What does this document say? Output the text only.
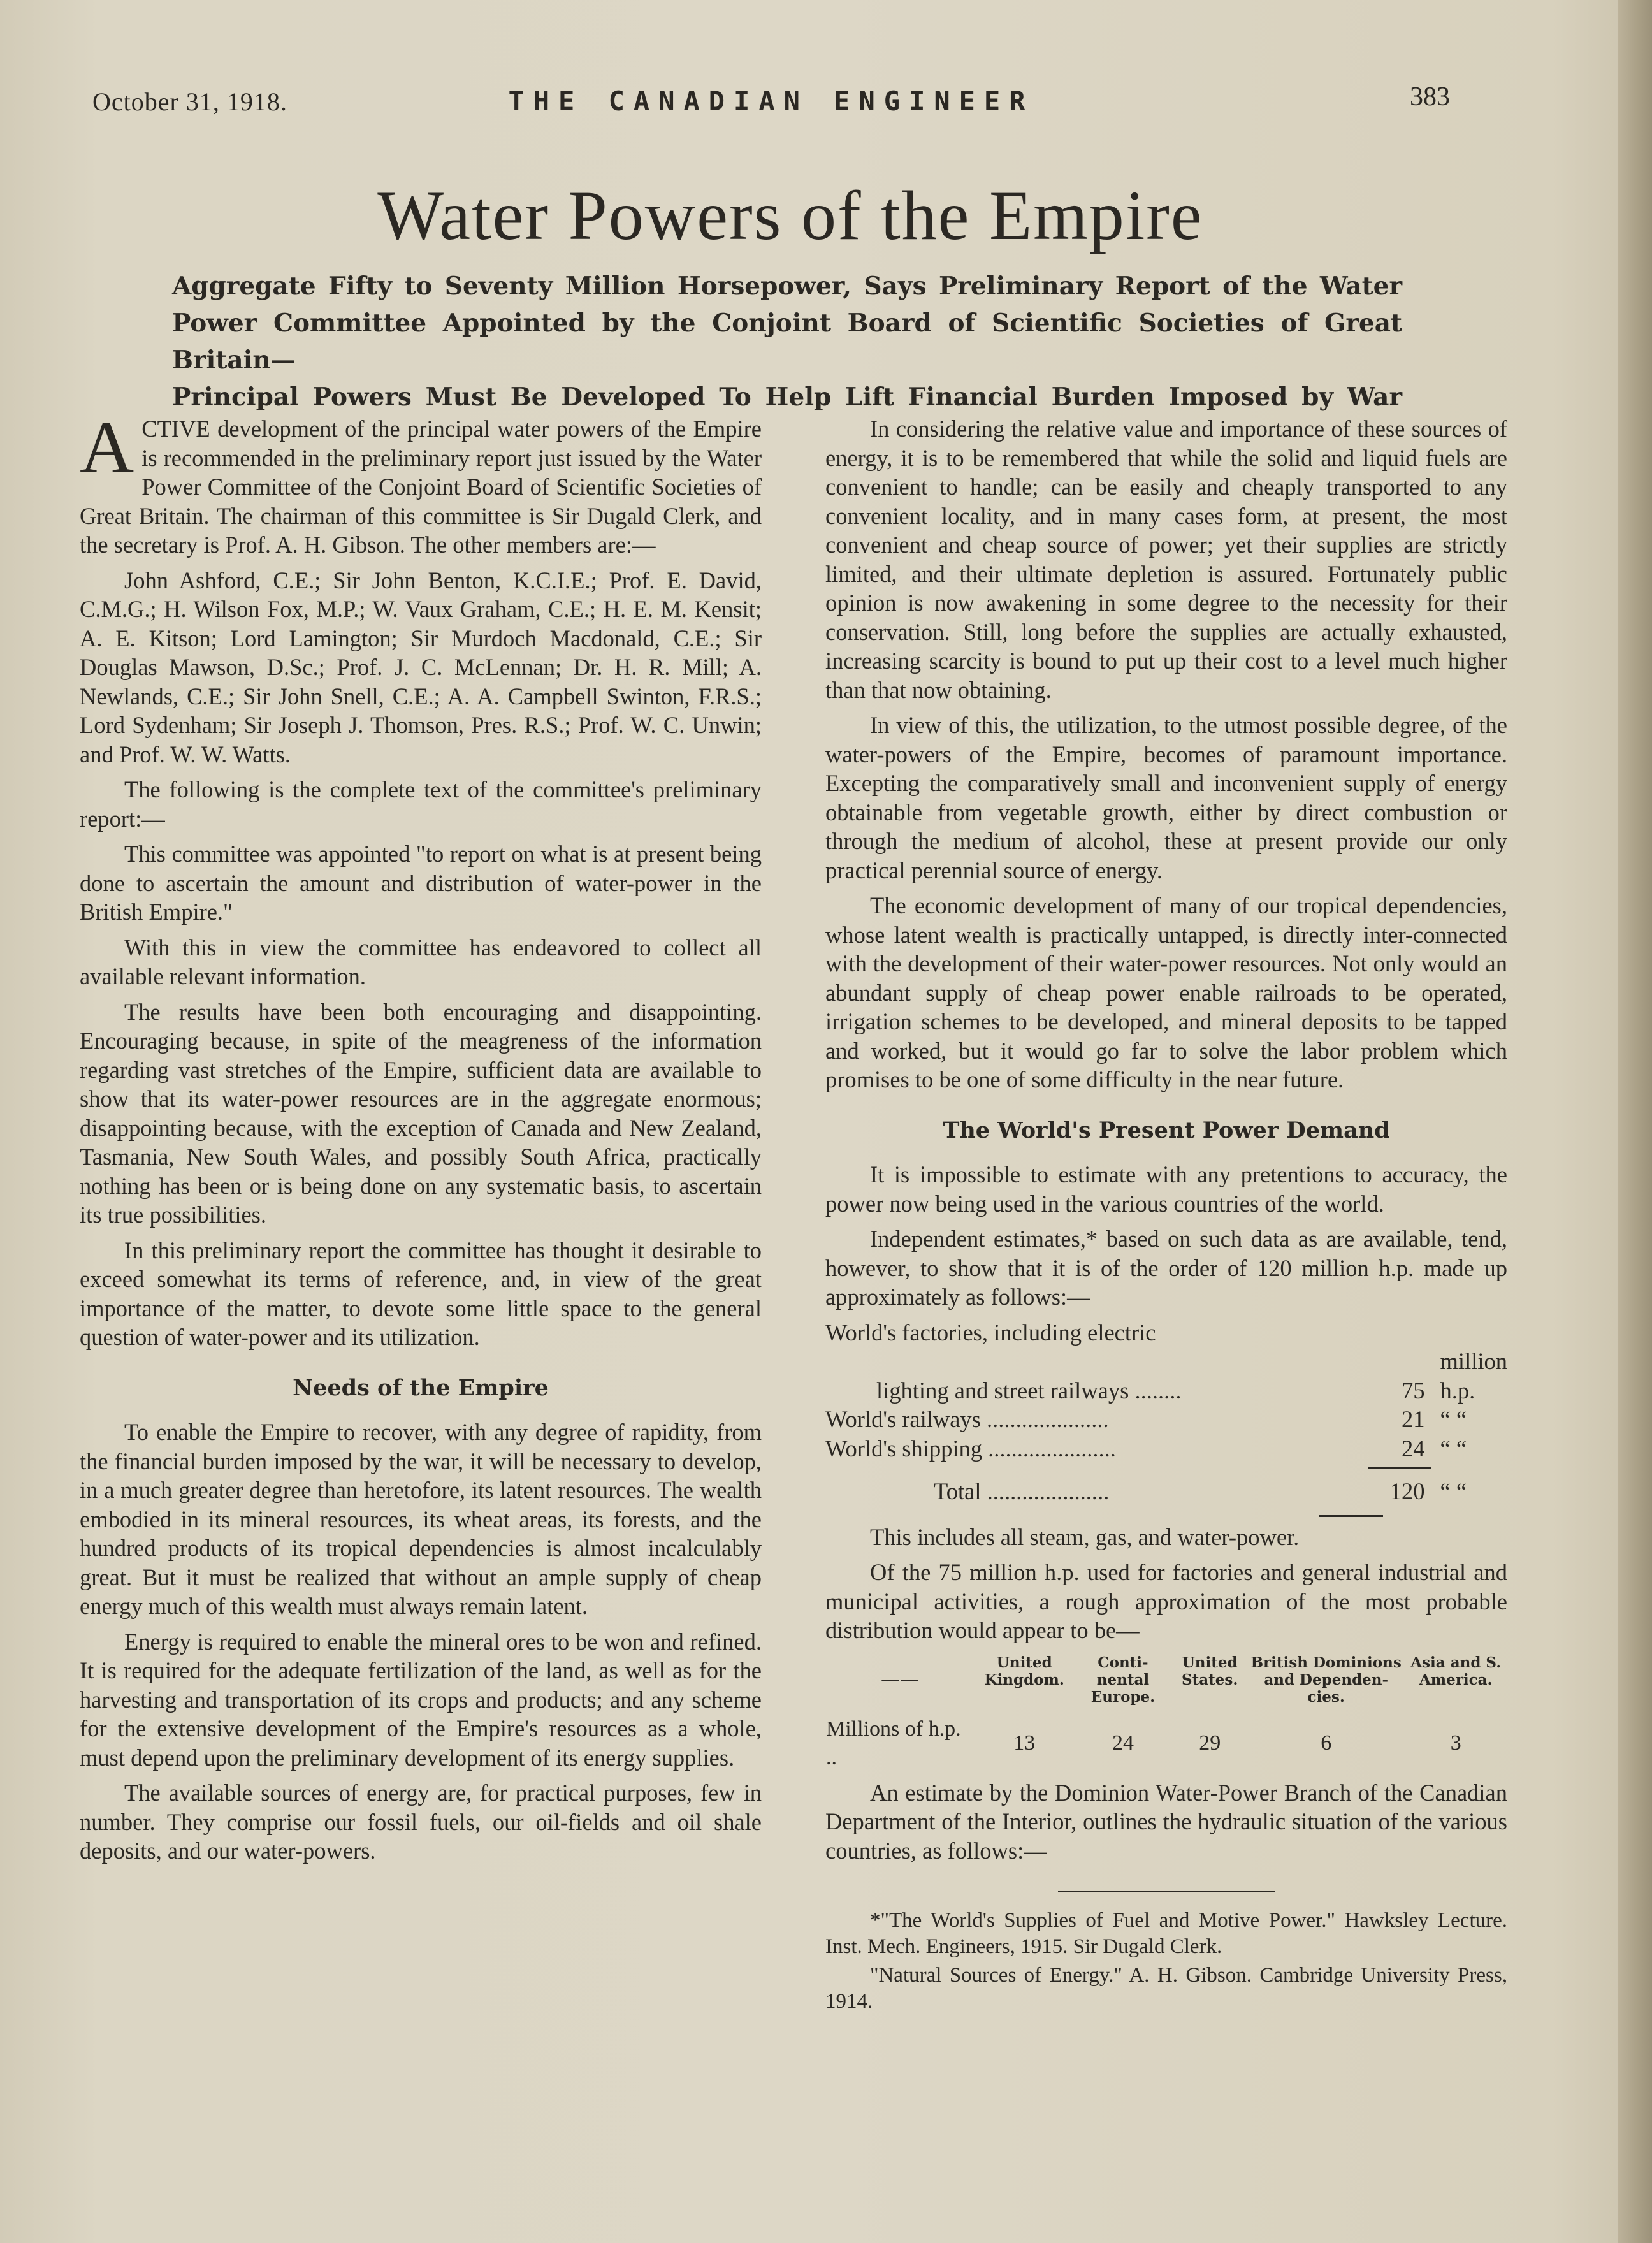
October 31, 1918.	THE CANADIAN ENGINEER	383
Water Powers of the Empire
Aggregate Fifty to Seventy Million Horsepower, Says Preliminary Report of the Water
Power Committee Appointed by the Conjoint Board of Scientific Societies of Great Britain—
Principal Powers Must Be Developed To Help Lift Financial Burden Imposed by War

ACTIVE development of the principal water powers of the Empire is recommended in the preliminary report just issued by the Water Power Committee of the Conjoint Board of Scientific Societies of Great Britain. The chairman of this committee is Sir Dugald Clerk, and the secretary is Prof. A. H. Gibson. The other members are:—

John Ashford, C.E.; Sir John Benton, K.C.I.E.; Prof. E. David, C.M.G.; H. Wilson Fox, M.P.; W. Vaux Graham, C.E.; H. E. M. Kensit; A. E. Kitson; Lord Lamington; Sir Murdoch Macdonald, C.E.; Sir Douglas Mawson, D.Sc.; Prof. J. C. McLennan; Dr. H. R. Mill; A. Newlands, C.E.; Sir John Snell, C.E.; A. A. Campbell Swinton, F.R.S.; Lord Sydenham; Sir Joseph J. Thomson, Pres. R.S.; Prof. W. C. Unwin; and Prof. W. W. Watts.

The following is the complete text of the committee's preliminary report:—

This committee was appointed "to report on what is at present being done to ascertain the amount and distribution of water-power in the British Empire."

With this in view the committee has endeavored to collect all available relevant information.

The results have been both encouraging and disappointing. Encouraging because, in spite of the meagreness of the information regarding vast stretches of the Empire, sufficient data are available to show that its water-power resources are in the aggregate enormous; disappointing because, with the exception of Canada and New Zealand, Tasmania, New South Wales, and possibly South Africa, practically nothing has been or is being done on any systematic basis, to ascertain its true possibilities.

In this preliminary report the committee has thought it desirable to exceed somewhat its terms of reference, and, in view of the great importance of the matter, to devote some little space to the general question of water-power and its utilization.

Needs of the Empire

To enable the Empire to recover, with any degree of rapidity, from the financial burden imposed by the war, it will be necessary to develop, in a much greater degree than heretofore, its latent resources. The wealth embodied in its mineral resources, its wheat areas, its forests, and the hundred products of its tropical dependencies is almost incalculably great. But it must be realized that without an ample supply of cheap energy much of this wealth must always remain latent.

Energy is required to enable the mineral ores to be won and refined. It is required for the adequate fertilization of the land, as well as for the harvesting and transportation of its crops and products; and any scheme for the extensive development of the Empire's resources as a whole, must depend upon the preliminary development of its energy supplies.

The available sources of energy are, for practical purposes, few in number. They comprise our fossil fuels, our oil-fields and oil shale deposits, and our water-powers.

In considering the relative value and importance of these sources of energy, it is to be remembered that while the solid and liquid fuels are convenient to handle; can be easily and cheaply transported to any convenient locality, and in many cases form, at present, the most convenient and cheap source of power; yet their supplies are strictly limited, and their ultimate depletion is assured. Fortunately public opinion is now awakening in some degree to the necessity for their conservation. Still, long before the supplies are actually exhausted, increasing scarcity is bound to put up their cost to a level much higher than that now obtaining.

In view of this, the utilization, to the utmost possible degree, of the water-powers of the Empire, becomes of paramount importance. Excepting the comparatively small and inconvenient supply of energy obtainable from vegetable growth, either by direct combustion or through the medium of alcohol, these at present provide our only practical perennial source of energy.

The economic development of many of our tropical dependencies, whose latent wealth is practically untapped, is directly inter-connected with the development of their water-power resources. Not only would an abundant supply of cheap power enable railroads to be operated, irrigation schemes to be developed, and mineral deposits to be tapped and worked, but it would go far to solve the labor problem which promises to be one of some difficulty in the near future.

The World's Present Power Demand

It is impossible to estimate with any pretentions to accuracy, the power now being used in the various countries of the world.

Independent estimates,* based on such data as are available, tend, however, to show that it is of the order of 120 million h.p. made up approximately as follows:—

World's factories, including electric		
lighting and street railways ........	75	million h.p.
World's railways .....................	21	“ “
World's shipping ......................	24	“ “
Total .....................	120	“ “

This includes all steam, gas, and water-power.

Of the 75 million h.p. used for factories and general industrial and municipal activities, a rough approximation of the most probable distribution would appear to be—

——	United Kingdom.	Conti-nental Europe.	United States.	British Dominions and Dependen-cies.	Asia and S. America.
Millions of h.p. ..	13	24	29	6	3

An estimate by the Dominion Water-Power Branch of the Canadian Department of the Interior, outlines the hydraulic situation of the various countries, as follows:—

*"The World's Supplies of Fuel and Motive Power." Hawksley Lecture. Inst. Mech. Engineers, 1915. Sir Dugald Clerk.

"Natural Sources of Energy." A. H. Gibson. Cambridge University Press, 1914.
